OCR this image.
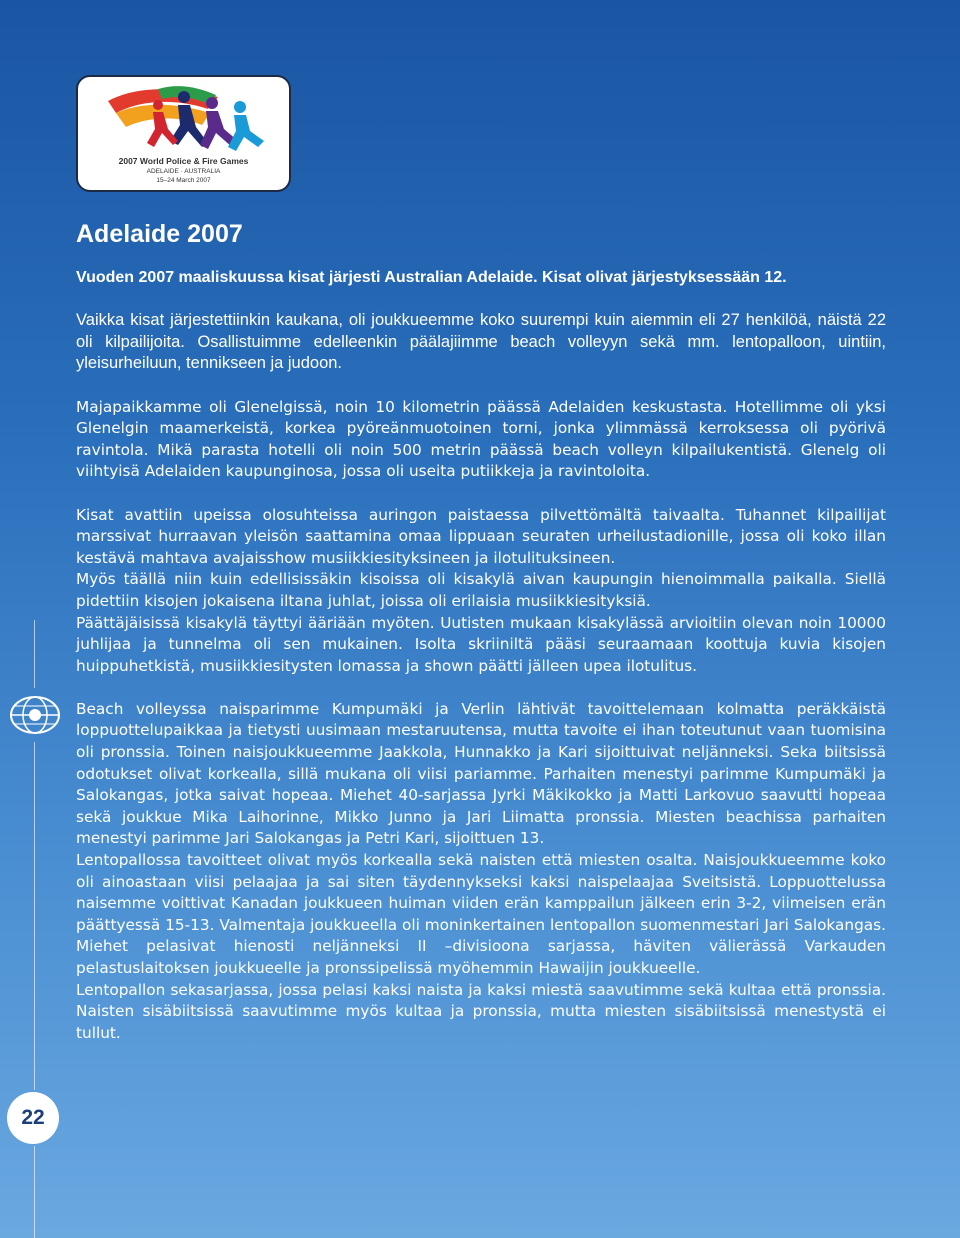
2007 World Police & Fire Games
ADELAIDE · AUSTRALIA
15–24 March 2007
Adelaide 2007

Vuoden 2007 maaliskuussa kisat järjesti Australian Adelaide. Kisat olivat järjestyksessään 12.

Vaikka kisat järjestettiinkin kaukana, oli joukkueemme koko suurempi kuin aiemmin eli 27 henkilöä, näistä 22 oli kilpailijoita. Osallistuimme edelleenkin päälajiimme beach volleyyn sekä mm. lentopalloon, uintiin, yleisurheiluun, tennikseen ja judoon.

Majapaikkamme oli Glenelgissä, noin 10 kilometrin päässä Adelaiden keskustasta. Hotellimme oli yksi Glenelgin maamerkeistä, korkea pyöreänmuotoinen torni, jonka ylimmässä kerroksessa oli pyörivä ravintola. Mikä parasta hotelli oli noin 500 metrin päässä beach volleyn kilpailukentistä. Glenelg oli viihtyisä Adelaiden kaupunginosa, jossa oli useita putiikkeja ja ravintoloita.

Kisat avattiin upeissa olosuhteissa auringon paistaessa pilvettömältä taivaalta. Tuhannet kilpailijat marssivat hurraavan yleisön saattamina omaa lippuaan seuraten urheilustadionille, jossa oli koko illan kestävä mahtava avajaisshow musiikkiesityksineen ja ilotulituksineen.

Myös täällä niin kuin edellisissäkin kisoissa oli kisakylä aivan kaupungin hienoimmalla paikalla. Siellä pidettiin kisojen jokaisena iltana juhlat, joissa oli erilaisia musiikkiesityksiä.

Päättäjäisissä kisakylä täyttyi ääriään myöten. Uutisten mukaan kisakylässä arvioitiin olevan noin 10000 juhlijaa ja tunnelma oli sen mukainen. Isolta skriiniltä pääsi seuraamaan koottuja kuvia kisojen huippuhetkistä, musiikkiesitysten lomassa ja shown päätti jälleen upea ilotulitus.

Beach volleyssa naisparimme Kumpumäki ja Verlin lähtivät tavoittelemaan kolmatta peräkkäistä loppuottelupaikkaa ja tietysti uusimaan mestaruutensa, mutta tavoite ei ihan toteutunut vaan tuomisina oli pronssia. Toinen naisjoukkueemme Jaakkola, Hunnakko ja Kari sijoittuivat neljänneksi. Seka biitsissä odotukset olivat korkealla, sillä mukana oli viisi pariamme. Parhaiten menestyi parimme Kumpumäki ja Salokangas, jotka saivat hopeaa. Miehet 40-sarjassa Jyrki Mäkikokko ja Matti Larkovuo saavutti hopeaa sekä joukkue Mika Laihorinne, Mikko Junno ja Jari Liimatta pronssia. Miesten beachissa parhaiten menestyi parimme Jari Salokangas ja Petri Kari, sijoittuen 13.

Lentopallossa tavoitteet olivat myös korkealla sekä naisten että miesten osalta. Naisjoukkueemme koko oli ainoastaan viisi pelaajaa ja sai siten täydennykseksi kaksi naispelaajaa Sveitsistä. Loppuottelussa naisemme voittivat Kanadan joukkueen huiman viiden erän kamppailun jälkeen erin 3-2, viimeisen erän päättyessä 15-13. Valmentaja joukkueella oli moninkertainen lentopallon suomenmestari Jari Salokangas. Miehet pelasivat hienosti neljänneksi II –divisioona sarjassa, häviten välierässä Varkauden pelastuslaitoksen joukkueelle ja pronssipelissä myöhemmin Hawaijin joukkueelle.

Lentopallon sekasarjassa, jossa pelasi kaksi naista ja kaksi miestä saavutimme sekä kultaa että pronssia. Naisten sisäbiitsissä saavutimme myös kultaa ja pronssia, mutta miesten sisäbiitsissä menestystä ei tullut.

22
